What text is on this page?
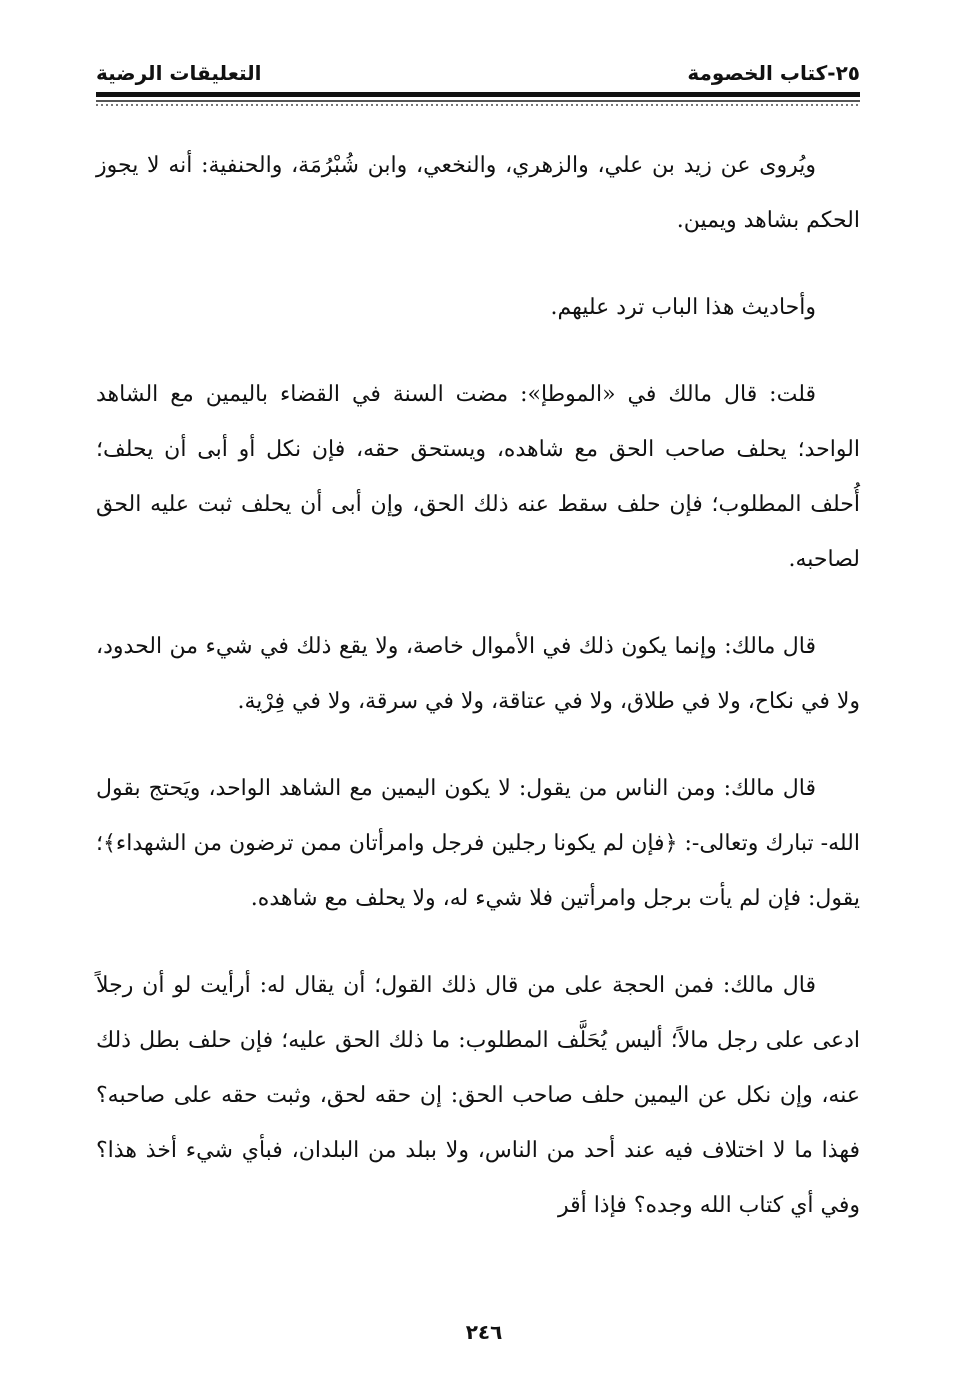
٢٥-كتاب الخصومة
التعليقات الرضية

ويُروى عن زيد بن علي، والزهري، والنخعي، وابن شُبْرُمَة، والحنفية: أنه لا يجوز الحكم بشاهد ويمين.

وأحاديث هذا الباب ترد عليهم.

قلت: قال مالك في «الموطإ»: مضت السنة في القضاء باليمين مع الشاهد الواحد؛ يحلف صاحب الحق مع شاهده، ويستحق حقه، فإن نكل أو أبى أن يحلف؛ أُحلف المطلوب؛ فإن حلف سقط عنه ذلك الحق، وإن أبى أن يحلف ثبت عليه الحق لصاحبه.

قال مالك: وإنما يكون ذلك في الأموال خاصة، ولا يقع ذلك في شيء من الحدود، ولا في نكاح، ولا في طلاق، ولا في عتاقة، ولا في سرقة، ولا في فِرْية.

قال مالك: ومن الناس من يقول: لا يكون اليمين مع الشاهد الواحد، ويَحتج بقول الله- تبارك وتعالى-: ﴿فإن لم يكونا رجلين فرجل وامرأتان ممن ترضون من الشهداء﴾؛ يقول: فإن لم يأت برجل وامرأتين فلا شيء له، ولا يحلف مع شاهده.

قال مالك: فمن الحجة على من قال ذلك القول؛ أن يقال له: أرأيت لو أن رجلاً ادعى على رجل مالاً؛ أليس يُحَلَّف المطلوب: ما ذلك الحق عليه؛ فإن حلف بطل ذلك عنه، وإن نكل عن اليمين حلف صاحب الحق: إن حقه لحق، وثبت حقه على صاحبه؟ فهذا ما لا اختلاف فيه عند أحد من الناس، ولا ببلد من البلدان، فبأي شيء أخذ هذا؟ وفي أي كتاب الله وجده؟ فإذا أقر

٢٤٦
